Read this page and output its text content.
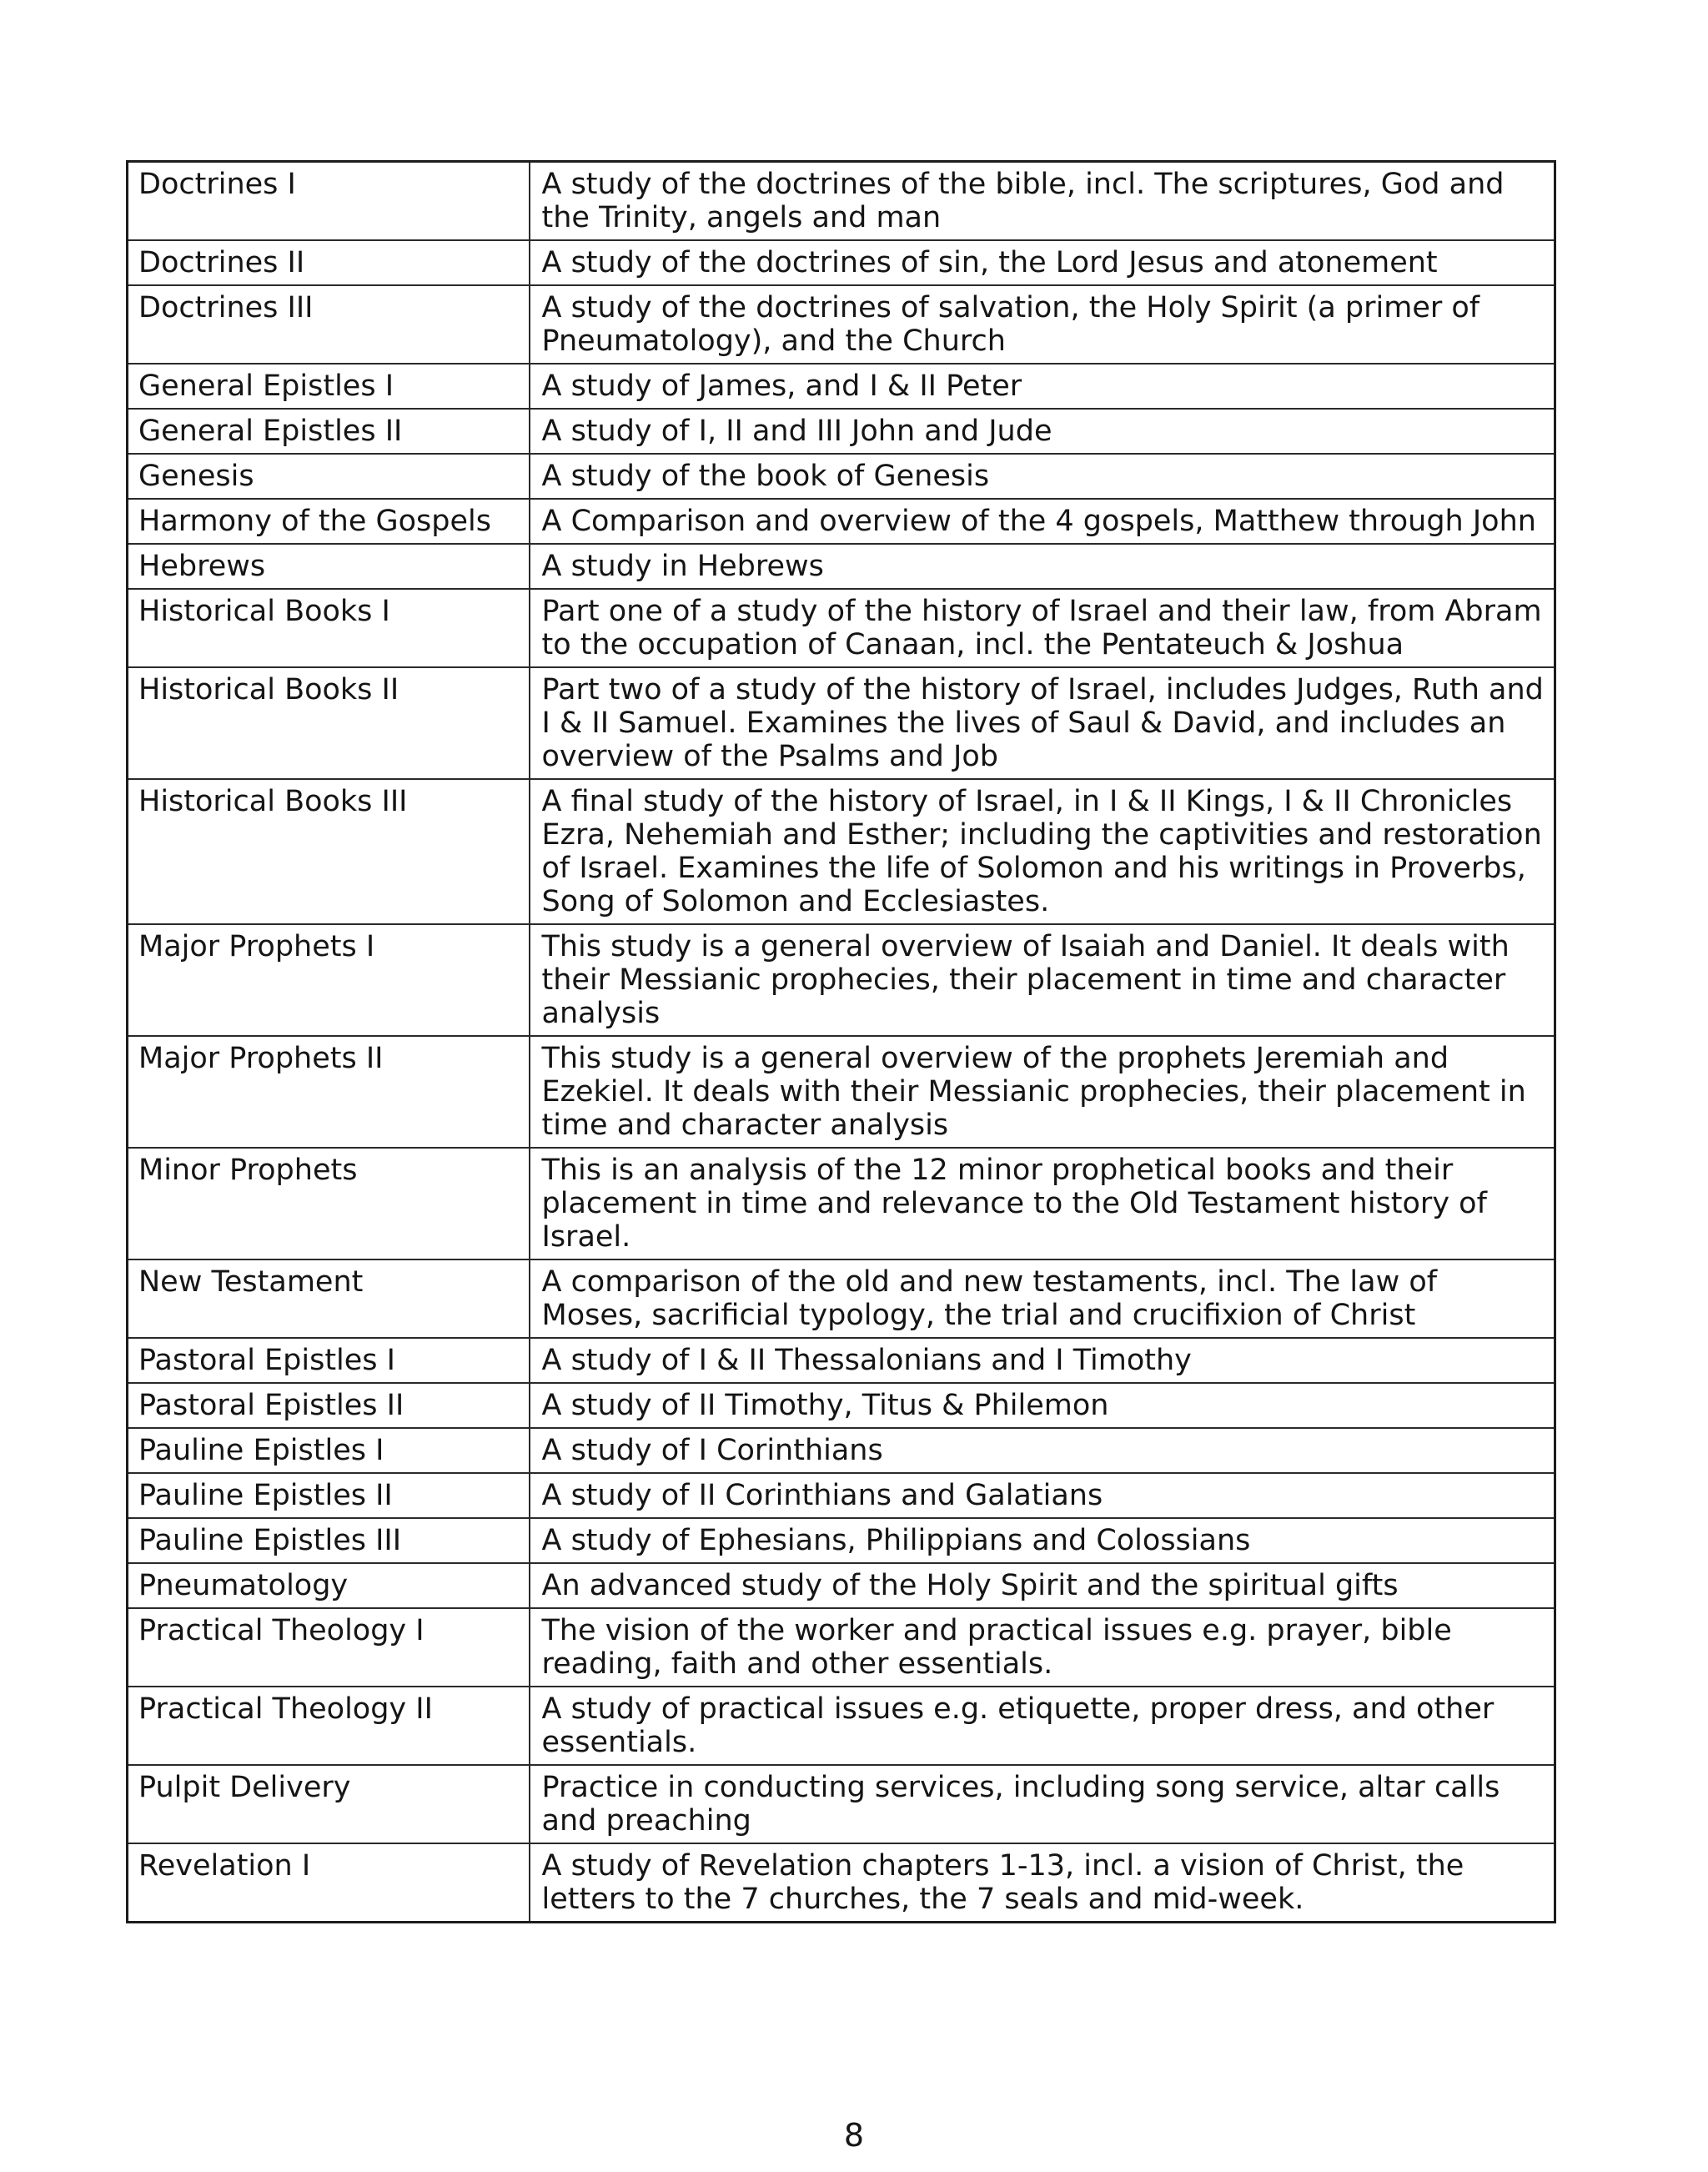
Doctrines I	A study of the doctrines of the bible, incl. The scriptures, God and the Trinity, angels and man
Doctrines II	A study of the doctrines of sin, the Lord Jesus and atonement
Doctrines III	A study of the doctrines of salvation, the Holy Spirit (a primer of Pneumatology), and the Church
General Epistles I	A study of James, and I & II Peter
General Epistles II	A study of I, II and III John and Jude
Genesis	A study of the book of Genesis
Harmony of the Gospels	A Comparison and overview of the 4 gospels, Matthew through John
Hebrews	A study in Hebrews
Historical Books I	Part one of a study of the history of Israel and their law, from Abram to the occupation of Canaan, incl. the Pentateuch & Joshua
Historical Books II	Part two of a study of the history of Israel, includes Judges, Ruth and I & II Samuel. Examines the lives of Saul & David, and includes an overview of the Psalms and Job
Historical Books III	A final study of the history of Israel, in I & II Kings, I & II Chronicles Ezra, Nehemiah and Esther; including the captivities and restoration of Israel. Examines the life of Solomon and his writings in Proverbs, Song of Solomon and Ecclesiastes.
Major Prophets I	This study is a general overview of Isaiah and Daniel. It deals with their Messianic prophecies, their placement in time and character analysis
Major Prophets II	This study is a general overview of the prophets Jeremiah and Ezekiel. It deals with their Messianic prophecies, their placement in time and character analysis
Minor Prophets	This is an analysis of the 12 minor prophetical books and their placement in time and relevance to the Old Testament history of Israel.
New Testament	A comparison of the old and new testaments, incl. The law of Moses, sacrificial typology, the trial and crucifixion of Christ
Pastoral Epistles I	A study of I & II Thessalonians and I Timothy
Pastoral Epistles II	A study of II Timothy, Titus & Philemon
Pauline Epistles I	A study of I Corinthians
Pauline Epistles II	A study of II Corinthians and Galatians
Pauline Epistles III	A study of Ephesians, Philippians and Colossians
Pneumatology	An advanced study of the Holy Spirit and the spiritual gifts
Practical Theology I	The vision of the worker and practical issues e.g. prayer, bible reading, faith and other essentials.
Practical Theology II	A study of practical issues e.g. etiquette, proper dress, and other essentials.
Pulpit Delivery	Practice in conducting services, including song service, altar calls and preaching
Revelation I	A study of Revelation chapters 1-13, incl. a vision of Christ, the letters to the 7 churches, the 7 seals and mid-week.
8
